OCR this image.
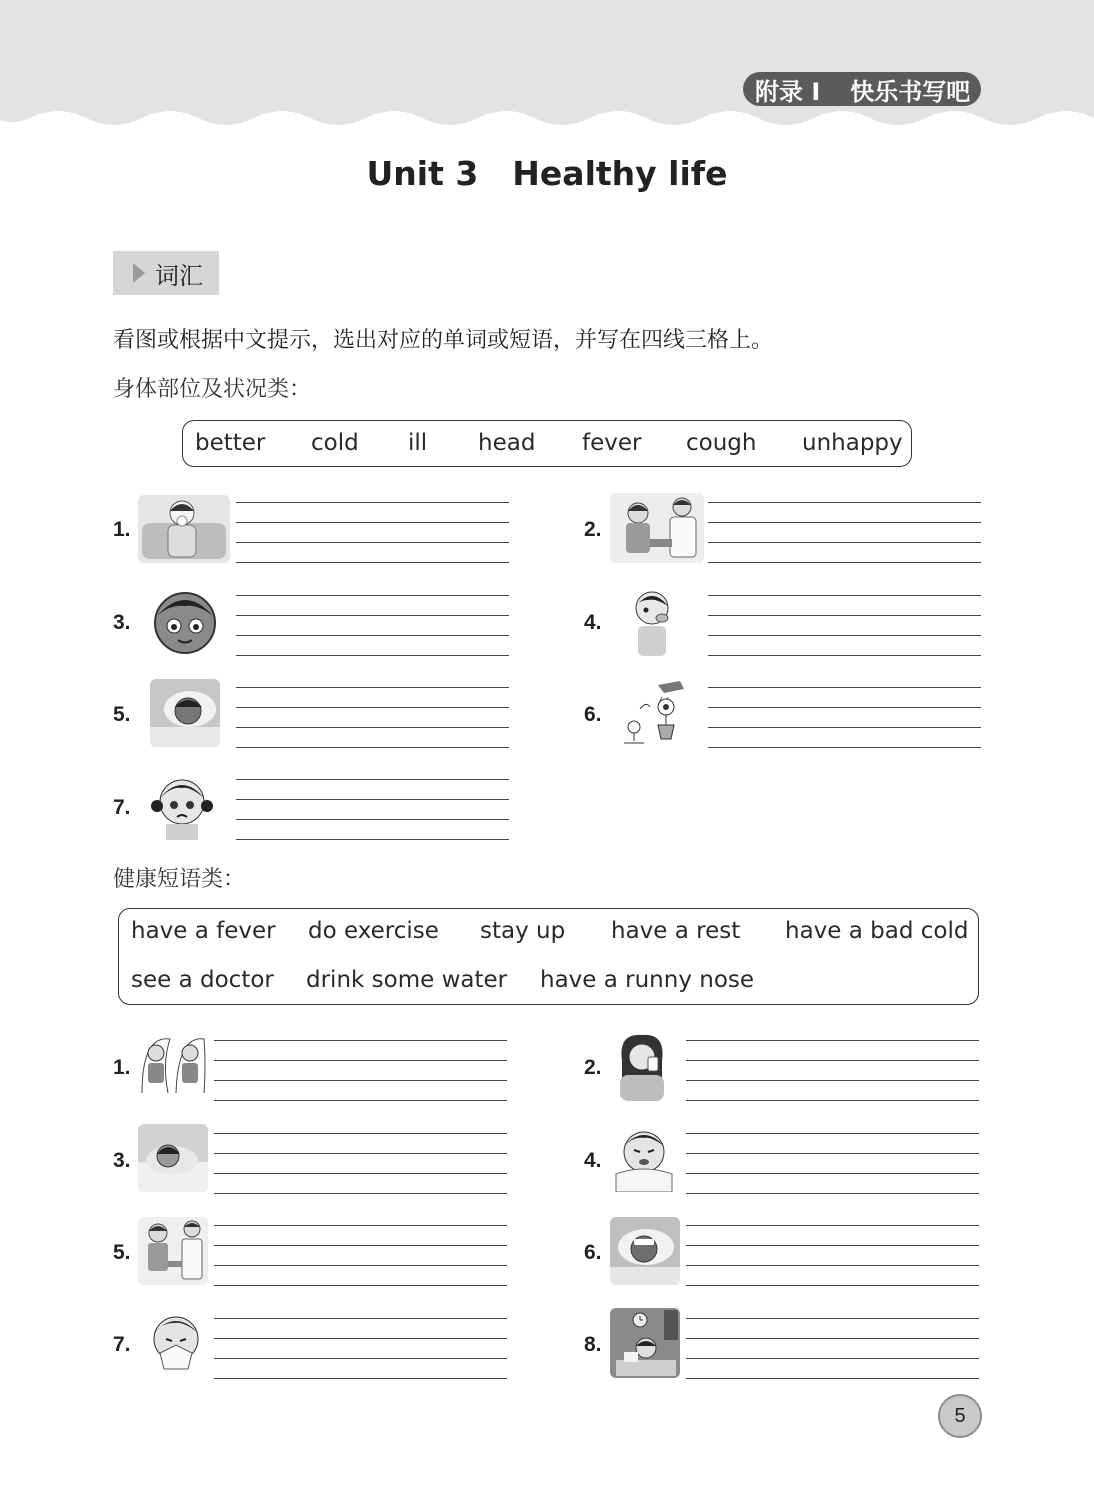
附录 I 快乐书写吧
Unit 3 Healthy life
词汇
看图或根据中文提示，选出对应的单词或短语，并写在四线三格上。
身体部位及状况类：
better cold ill head fever cough unhappy
1.
3.
5.
7.
2.
4.
6.
健康短语类：
have a fever do exercise stay up have a rest have a bad cold
see a doctor drink some water have a runny nose
1.
3.
5.
7.
2.
4.
6.
8.
5
